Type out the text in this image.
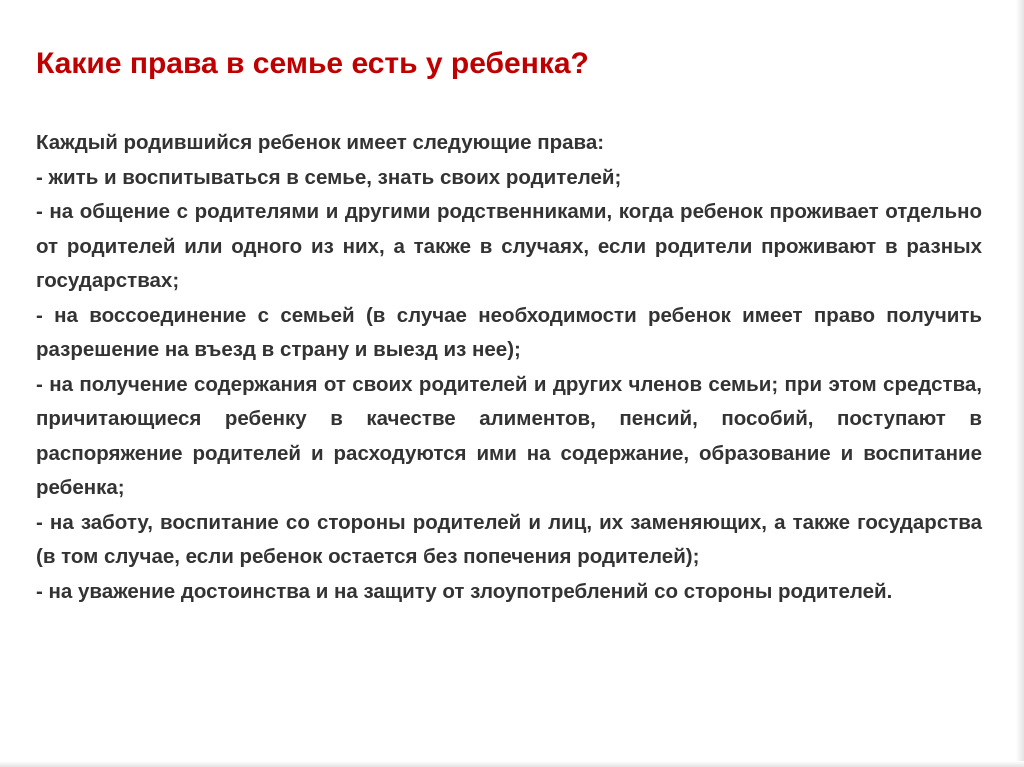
Какие права в семье есть у ребенка?

Каждый родившийся ребенок имеет следующие права:

- жить и воспитываться в семье, знать своих родителей;

- на общение с родителями и другими родственниками, когда ребенок проживает отдельно от родителей или одного из них, а также в случаях, если родители проживают в разных государствах;

- на воссоединение с семьей (в случае необходимости ребенок имеет право получить разрешение на въезд в страну и выезд из нее);

- на получение содержания от своих родителей и других членов семьи; при этом средства, причитающиеся ребенку в качестве алиментов, пенсий, пособий, поступают в распоряжение родителей и расходуются ими на содержание, образование и воспитание ребенка;

- на заботу, воспитание со стороны родителей и лиц, их заменяющих, а также государства (в том случае, если ребенок остается без попечения родителей);

- на уважение достоинства и на защиту от злоупотреблений со стороны родителей.
